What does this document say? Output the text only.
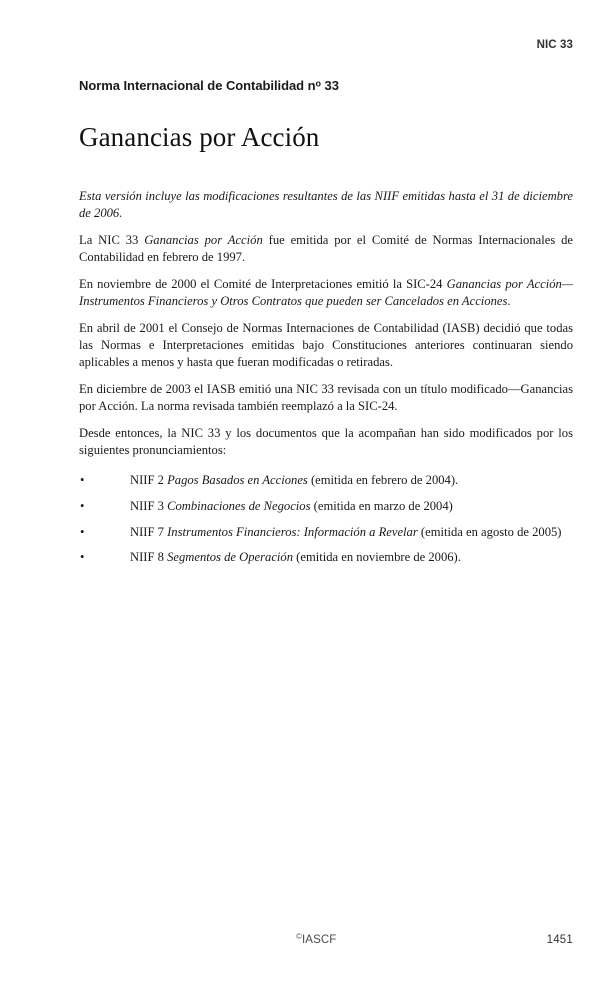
NIC 33
Norma Internacional de Contabilidad $n^o$ 33
Ganancias por Acción

Esta versión incluye las modificaciones resultantes de las NIIF emitidas hasta el 31 de diciembre de 2006.

La NIC 33 Ganancias por Acción fue emitida por el Comité de Normas Internacionales de Contabilidad en febrero de 1997.

En noviembre de 2000 el Comité de Interpretaciones emitió la SIC-24 Ganancias por Acción—Instrumentos Financieros y Otros Contratos que pueden ser Cancelados en Acciones.

En abril de 2001 el Consejo de Normas Internaciones de Contabilidad (IASB) decidió que todas las Normas e Interpretaciones emitidas bajo Constituciones anteriores continuaran siendo aplicables a menos y hasta que fueran modificadas o retiradas.

En diciembre de 2003 el IASB emitió una NIC 33 revisada con un título modificado—Ganancias por Acción. La norma revisada también reemplazó a la SIC-24.

Desde entonces, la NIC 33 y los documentos que la acompañan han sido modificados por los siguientes pronunciamientos:

•	NIIF 2 Pagos Basados en Acciones (emitida en febrero de 2004).
•	NIIF 3 Combinaciones de Negocios (emitida en marzo de 2004)
•	NIIF 7 Instrumentos Financieros: Información a Revelar (emitida en agosto de 2005)
•	NIIF 8 Segmentos de Operación (emitida en noviembre de 2006).
©IASCF	1451
